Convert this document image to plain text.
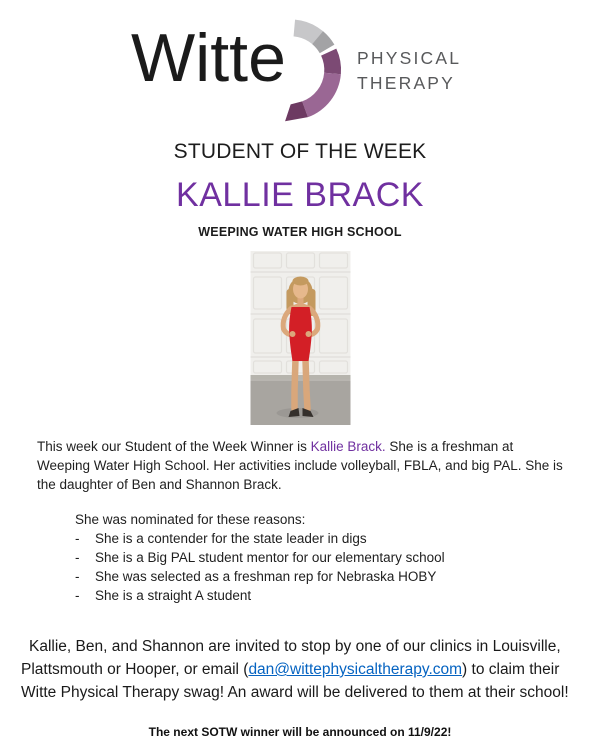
Witte	PHYSICAL
THERAPY
STUDENT OF THE WEEK
KALLIE BRACK
WEEPING WATER HIGH SCHOOL

This week our Student of the Week Winner is Kallie Brack. She is a freshman at Weeping Water High School. Her activities include volleyball, FBLA, and big PAL. She is the daughter of Ben and Shannon Brack.

She was nominated for these reasons:
-	She is a contender for the state leader in digs
-	She is a Big PAL student mentor for our elementary school
-	She was selected as a freshman rep for Nebraska HOBY
-	She is a straight A student

Kallie, Ben, and Shannon are invited to stop by one of our clinics in Louisville, Plattsmouth or Hooper, or email (dan@wittephysicaltherapy.com) to claim their Witte Physical Therapy swag! An award will be delivered to them at their school!

The next SOTW winner will be announced on 11/9/22!
